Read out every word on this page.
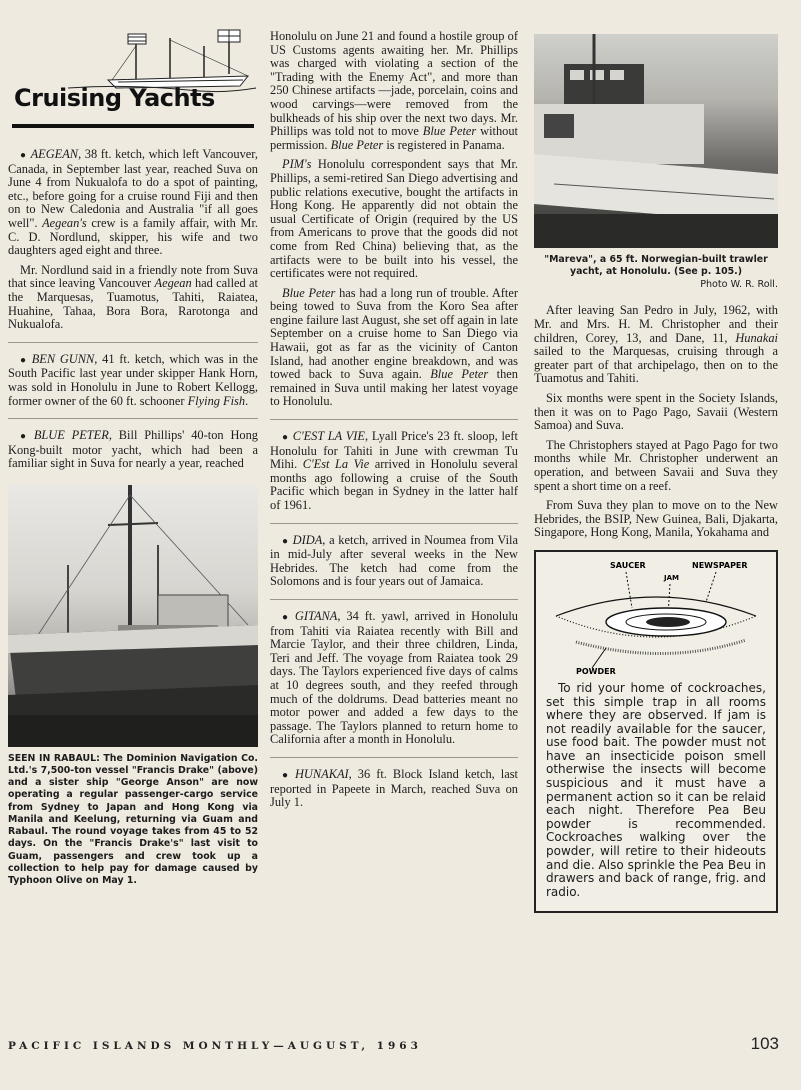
Cruising Yachts

● AEGEAN, 38 ft. ketch, which left Vancouver, Canada, in September last year, reached Suva on June 4 from Nukualofa to do a spot of painting, etc., before going for a cruise round Fiji and then on to New Caledonia and Australia "if all goes well". Aegean's crew is a family affair, with Mr. C. D. Nordlund, skipper, his wife and two daughters aged eight and three.

Mr. Nordlund said in a friendly note from Suva that since leaving Vancouver Aegean had called at the Marquesas, Tuamotus, Tahiti, Raiatea, Huahine, Tahaa, Bora Bora, Rarotonga and Nukualofa.

● BEN GUNN, 41 ft. ketch, which was in the South Pacific last year under skipper Hank Horn, was sold in Honolulu in June to Robert Kellogg, former owner of the 60 ft. schooner Flying Fish.

● BLUE PETER, Bill Phillips' 40-ton Hong Kong-built motor yacht, which had been a familiar sight in Suva for nearly a year, reached

SEEN IN RABAUL: The Dominion Navigation Co. Ltd.'s 7,500-ton vessel "Francis Drake" (above) and a sister ship "George Anson" are now operating a regular passenger-cargo service from Sydney to Japan and Hong Kong via Manila and Keelung, returning via Guam and Rabaul. The round voyage takes from 45 to 52 days. On the "Francis Drake's" last visit to Guam, passengers and crew took up a collection to help pay for damage caused by Typhoon Olive on May 1.

Honolulu on June 21 and found a hostile group of US Customs agents awaiting her. Mr. Phillips was charged with violating a section of the "Trading with the Enemy Act", and more than 250 Chinese artifacts —jade, porcelain, coins and wood carvings—were removed from the bulkheads of his ship over the next two days. Mr. Phillips was told not to move Blue Peter without permission. Blue Peter is registered in Panama.

PIM's Honolulu correspondent says that Mr. Phillips, a semi-retired San Diego advertising and public relations executive, bought the artifacts in Hong Kong. He apparently did not obtain the usual Certificate of Origin (required by the US from Americans to prove that the goods did not come from Red China) believing that, as the artifacts were to be built into his vessel, the certificates were not required.

Blue Peter has had a long run of trouble. After being towed to Suva from the Koro Sea after engine failure last August, she set off again in late September on a cruise home to San Diego via Hawaii, got as far as the vicinity of Canton Island, had another engine breakdown, and was towed back to Suva again. Blue Peter then remained in Suva until making her latest voyage to Honolulu.

● C'EST LA VIE, Lyall Price's 23 ft. sloop, left Honolulu for Tahiti in June with crewman Tu Mihi. C'Est La Vie arrived in Honolulu several months ago following a cruise of the South Pacific which began in Sydney in the latter half of 1961.

● DIDA, a ketch, arrived in Noumea from Vila in mid-July after several weeks in the New Hebrides. The ketch had come from the Solomons and is four years out of Jamaica.

● GITANA, 34 ft. yawl, arrived in Honolulu from Tahiti via Raiatea recently with Bill and Marcie Taylor, and their three children, Linda, Teri and Jeff. The voyage from Raiatea took 29 days. The Taylors experienced five days of calms at 10 degrees south, and they reefed through much of the doldrums. Dead batteries meant no motor power and added a few days to the passage. The Taylors planned to return home to California after a month in Honolulu.

● HUNAKAI, 36 ft. Block Island ketch, last reported in Papeete in March, reached Suva on July 1.

"Mareva", a 65 ft. Norwegian-built trawler yacht, at Honolulu. (See p. 105.)
Photo W. R. Roll.

After leaving San Pedro in July, 1962, with Mr. and Mrs. H. M. Christopher and their children, Corey, 13, and Dane, 11, Hunakai sailed to the Marquesas, cruising through a greater part of that archipelago, then on to the Tuamotus and Tahiti.

Six months were spent in the Society Islands, then it was on to Pago Pago, Savaii (Western Samoa) and Suva.

The Christophers stayed at Pago Pago for two months while Mr. Christopher underwent an operation, and between Savaii and Suva they spent a short time on a reef.

From Suva they plan to move on to the New Hebrides, the BSIP, New Guinea, Bali, Djakarta, Singapore, Hong Kong, Manila, Yokahama and

SAUCER	NEWSPAPER
JAM
POWDER

To rid your home of cockroaches, set this simple trap in all rooms where they are observed. If jam is not readily available for the saucer, use food bait. The powder must not have an insecticide poison smell otherwise the insects will become suspicious and it must have a permanent action so it can be relaid each night. Therefore Pea Beu powder is recommended. Cockroaches walking over the powder, will retire to their hideouts and die. Also sprinkle the Pea Beu in drawers and back of range, frig. and radio.

PACIFIC ISLANDS MONTHLY—AUGUST, 1963	103
